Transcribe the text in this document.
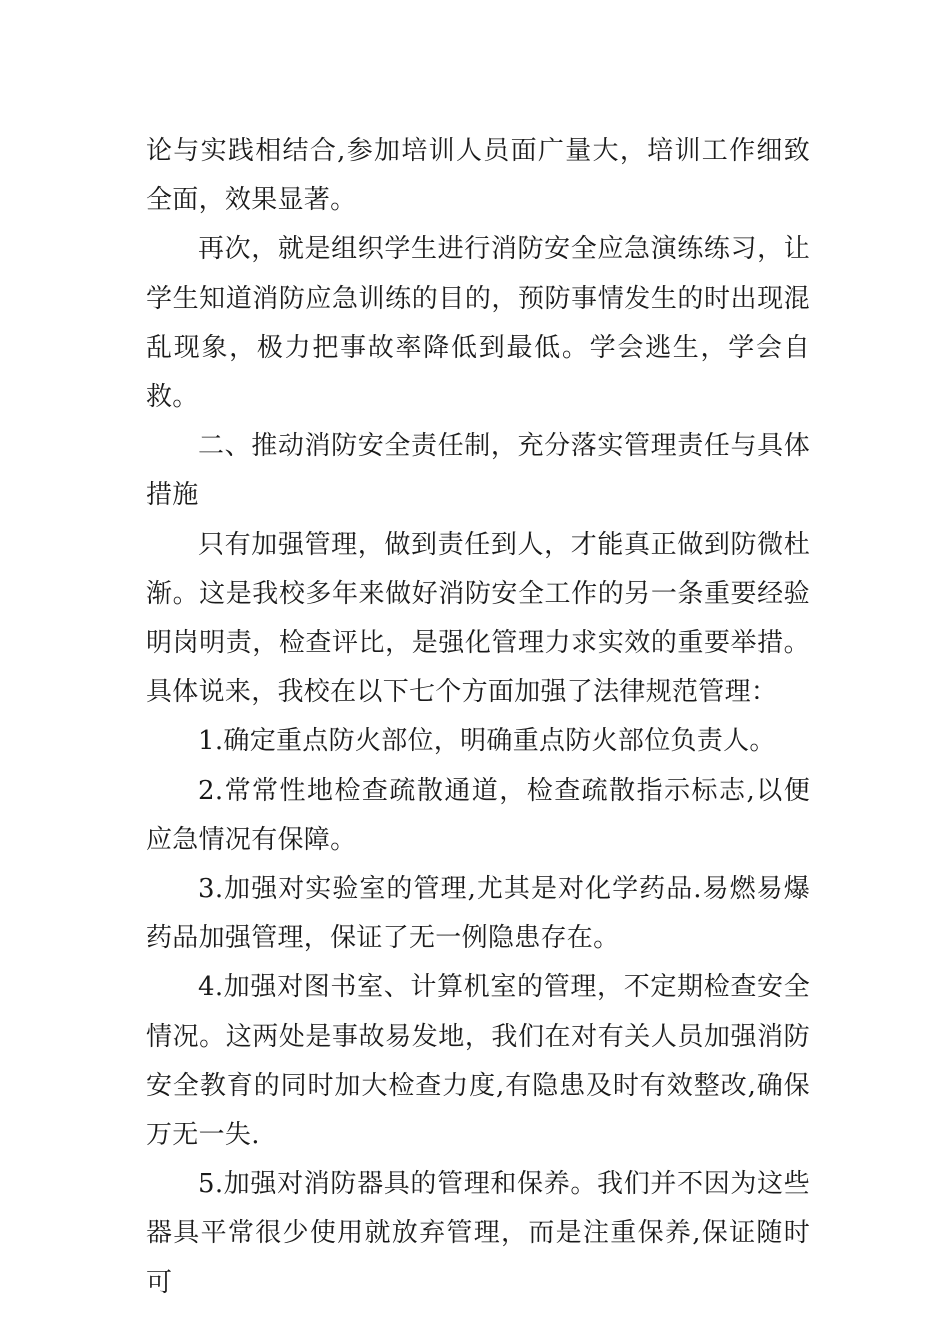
论与实践相结合,参加培训人员面广量大，培训工作细致全面，效果显著。

再次，就是组织学生进行消防安全应急演练练习，让学生知道消防应急训练的目的，预防事情发生的时出现混乱现象，极力把事故率降低到最低。学会逃生，学会自救。

二、推动消防安全责任制，充分落实管理责任与具体措施

只有加强管理，做到责任到人，才能真正做到防微杜渐。这是我校多年来做好消防安全工作的另一条重要经验明岗明责，检查评比，是强化管理力求实效的重要举措。具体说来，我校在以下七个方面加强了法律规范管理：

1.确定重点防火部位，明确重点防火部位负责人。

2.常常性地检查疏散通道，检查疏散指示标志,以便应急情况有保障。

3.加强对实验室的管理,尤其是对化学药品.易燃易爆药品加强管理，保证了无一例隐患存在。

4.加强对图书室、计算机室的管理，不定期检查安全情况。这两处是事故易发地，我们在对有关人员加强消防安全教育的同时加大检查力度,有隐患及时有效整改,确保万无一失.

5.加强对消防器具的管理和保养。我们并不因为这些器具平常很少使用就放弃管理，而是注重保养,保证随时可
